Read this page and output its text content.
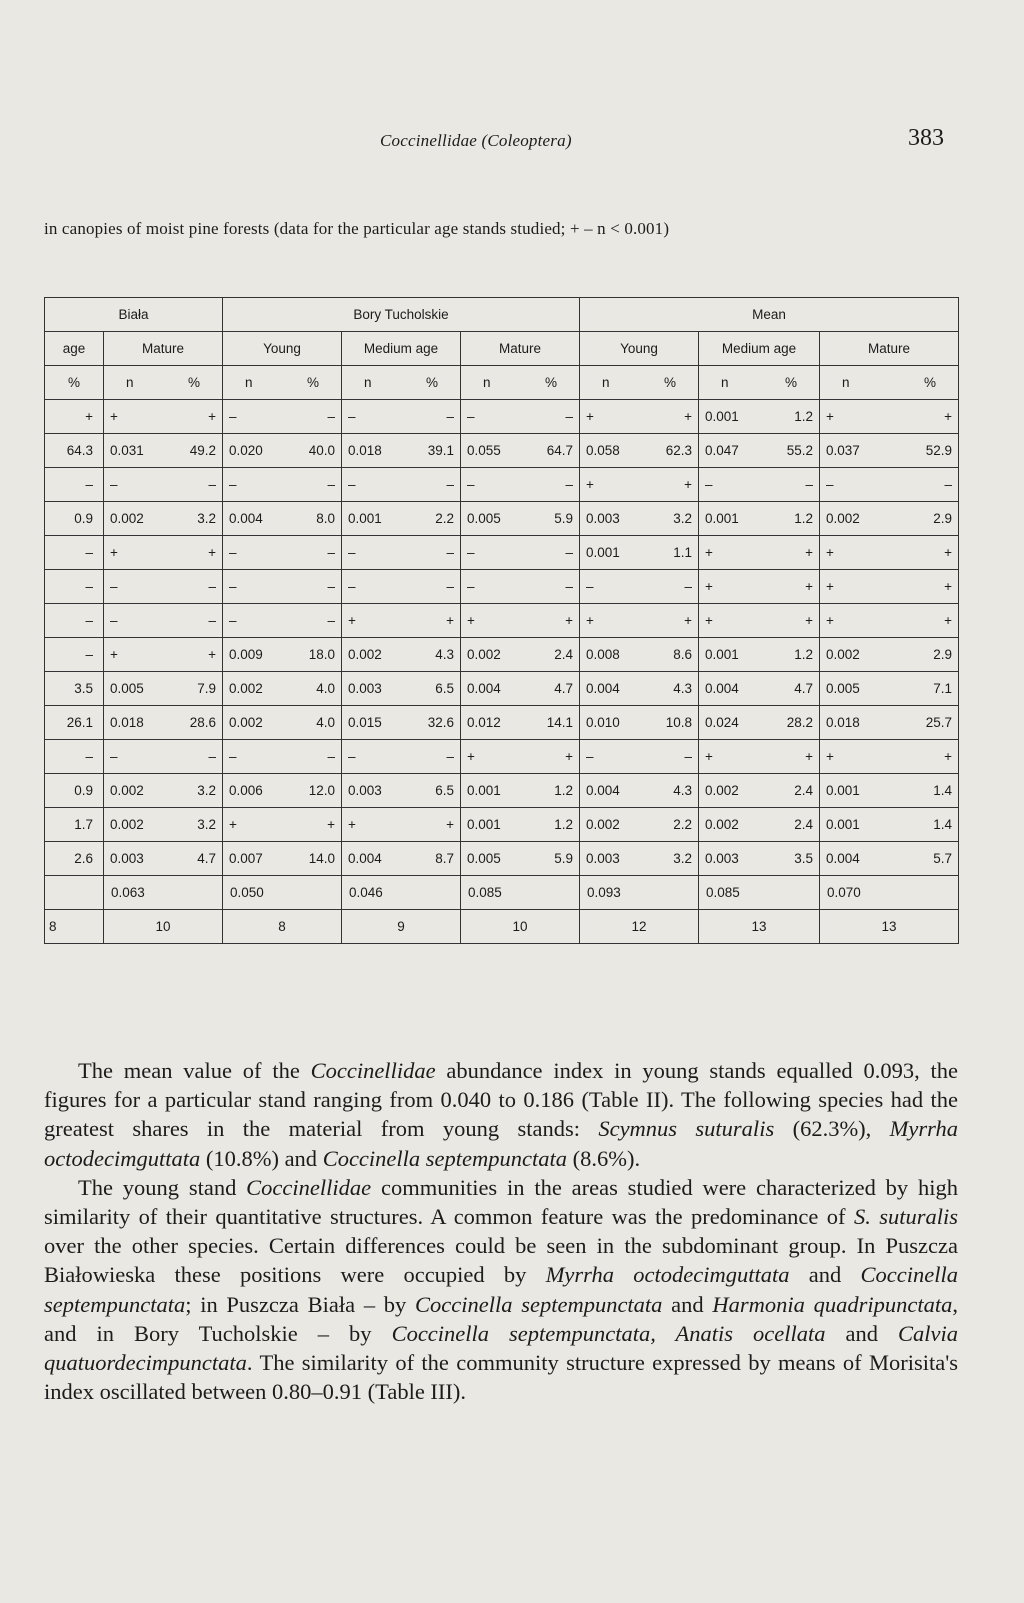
Coccinellidae (Coleoptera)	383
in canopies of moist pine forests (data for the particular age stands studied; + – n < 0.001)
Biała		Bory Tucholskie			Mean		
age	Mature	Young	Medium age	Mature	Young	Medium age	Mature
%	n %	n %	n %	n %	n %	n %	n %

+	+ +	– –	– –	– –	+ +	0.001 1.2	+ +

64.3	0.031 49.2	0.020 40.0	0.018 39.1	0.055 64.7	0.058 62.3	0.047 55.2	0.037 52.9

–	– –	– –	– –	– –	+ +	– –	– –

0.9	0.002 3.2	0.004 8.0	0.001 2.2	0.005 5.9	0.003 3.2	0.001 1.2	0.002 2.9

–	+ +	– –	– –	– –	0.001 1.1	+ +	+ +

–	– –	– –	– –	– –	– –	+ +	+ +

–	– –	– –	+ +	+ +	+ +	+ +	+ +

–	+ +	0.009 18.0	0.002 4.3	0.002 2.4	0.008 8.6	0.001 1.2	0.002 2.9

3.5	0.005 7.9	0.002 4.0	0.003 6.5	0.004 4.7	0.004 4.3	0.004 4.7	0.005 7.1

26.1	0.018 28.6	0.002 4.0	0.015 32.6	0.012 14.1	0.010 10.8	0.024 28.2	0.018 25.7

–	– –	– –	– –	+ +	– –	+ +	+ +

0.9	0.002 3.2	0.006 12.0	0.003 6.5	0.001 1.2	0.004 4.3	0.002 2.4	0.001 1.4

1.7	0.002 3.2	+ +	+ +	0.001 1.2	0.002 2.2	0.002 2.4	0.001 1.4

2.6	0.003 4.7	0.007 14.0	0.004 8.7	0.005 5.9	0.003 3.2	0.003 3.5	0.004 5.7

	0.063	0.050	0.046	0.085	0.093	0.085	0.070
8	10	8	9	10	12	13	13

The mean value of the Coccinellidae abundance index in young stands equalled 0.093, the figures for a particular stand ranging from 0.040 to 0.186 (Table II). The following species had the greatest shares in the material from young stands: Scymnus suturalis (62.3%), Myrrha octodecimguttata (10.8%) and Coccinella septempunctata (8.6%).

The young stand Coccinellidae communities in the areas studied were characterized by high similarity of their quantitative structures. A common feature was the predominance of S. suturalis over the other species. Certain differences could be seen in the subdominant group. In Puszcza Białowieska these positions were occupied by Myrrha octodecimguttata and Coccinella septempunctata; in Puszcza Biała – by Coccinella septempunctata and Harmonia quadripunctata, and in Bory Tucholskie – by Coccinella septempunctata, Anatis ocellata and Calvia quatuordecimpunctata. The similarity of the community structure expressed by means of Morisita's index oscillated between 0.80–0.91 (Table III).
